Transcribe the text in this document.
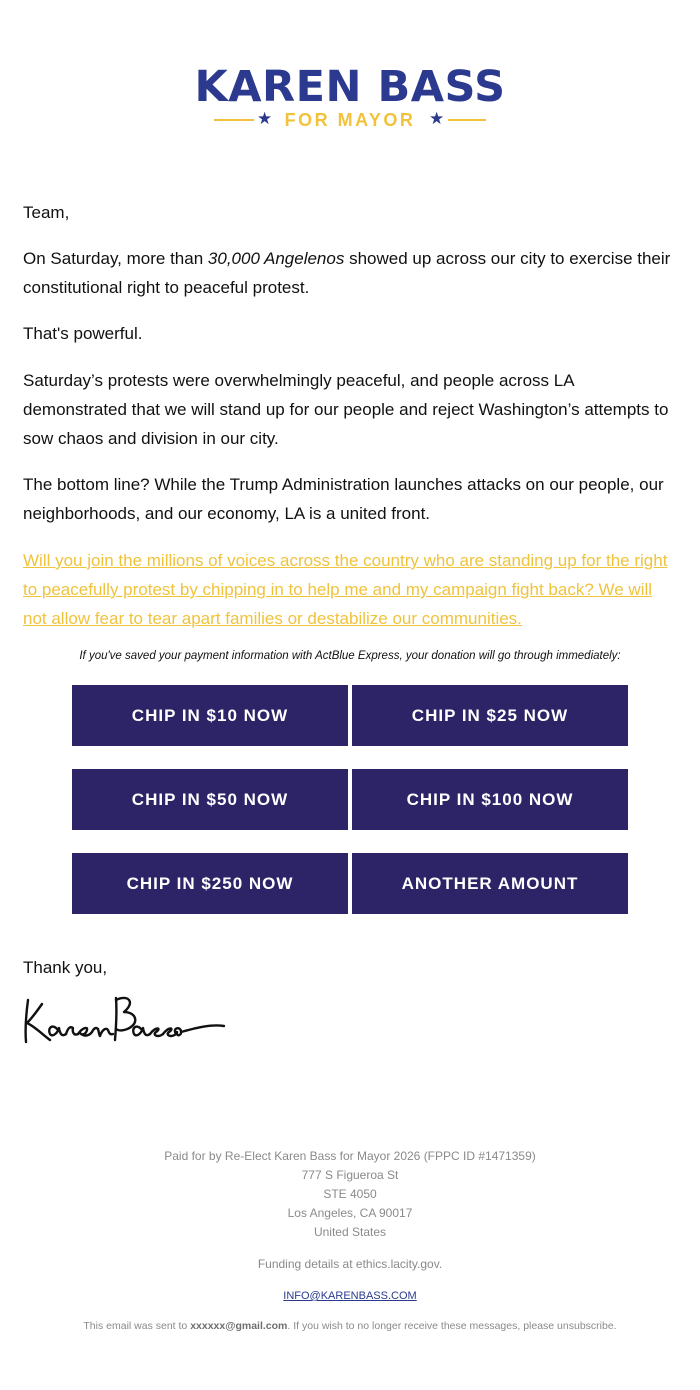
KAREN BASS
★ FOR MAYOR ★

Team,

On Saturday, more than 30,000 Angelenos showed up across our city to exercise their constitutional right to peaceful protest.

That's powerful.

Saturday’s protests were overwhelmingly peaceful, and people across LA demonstrated that we will stand up for our people and reject Washington’s attempts to sow chaos and division in our city.

The bottom line? While the Trump Administration launches attacks on our people, our neighborhoods, and our economy, LA is a united front.

Will you join the millions of voices across the country who are standing up for the right to peacefully protest by chipping in to help me and my campaign fight back? We will not allow fear to tear apart families or destabilize our communities.

If you've saved your payment information with ActBlue Express, your donation will go through immediately:
CHIP IN $10 NOW	CHIP IN $25 NOW
CHIP IN $50 NOW	CHIP IN $100 NOW
CHIP IN $250 NOW	ANOTHER AMOUNT

Thank you,

Paid for by Re-Elect Karen Bass for Mayor 2026 (FPPC ID #1471359)
777 S Figueroa St
STE 4050
Los Angeles, CA 90017
United States
Funding details at ethics.lacity.gov.
INFO@KARENBASS.COM
This email was sent to xxxxxx@gmail.com. If you wish to no longer receive these messages, please unsubscribe.
